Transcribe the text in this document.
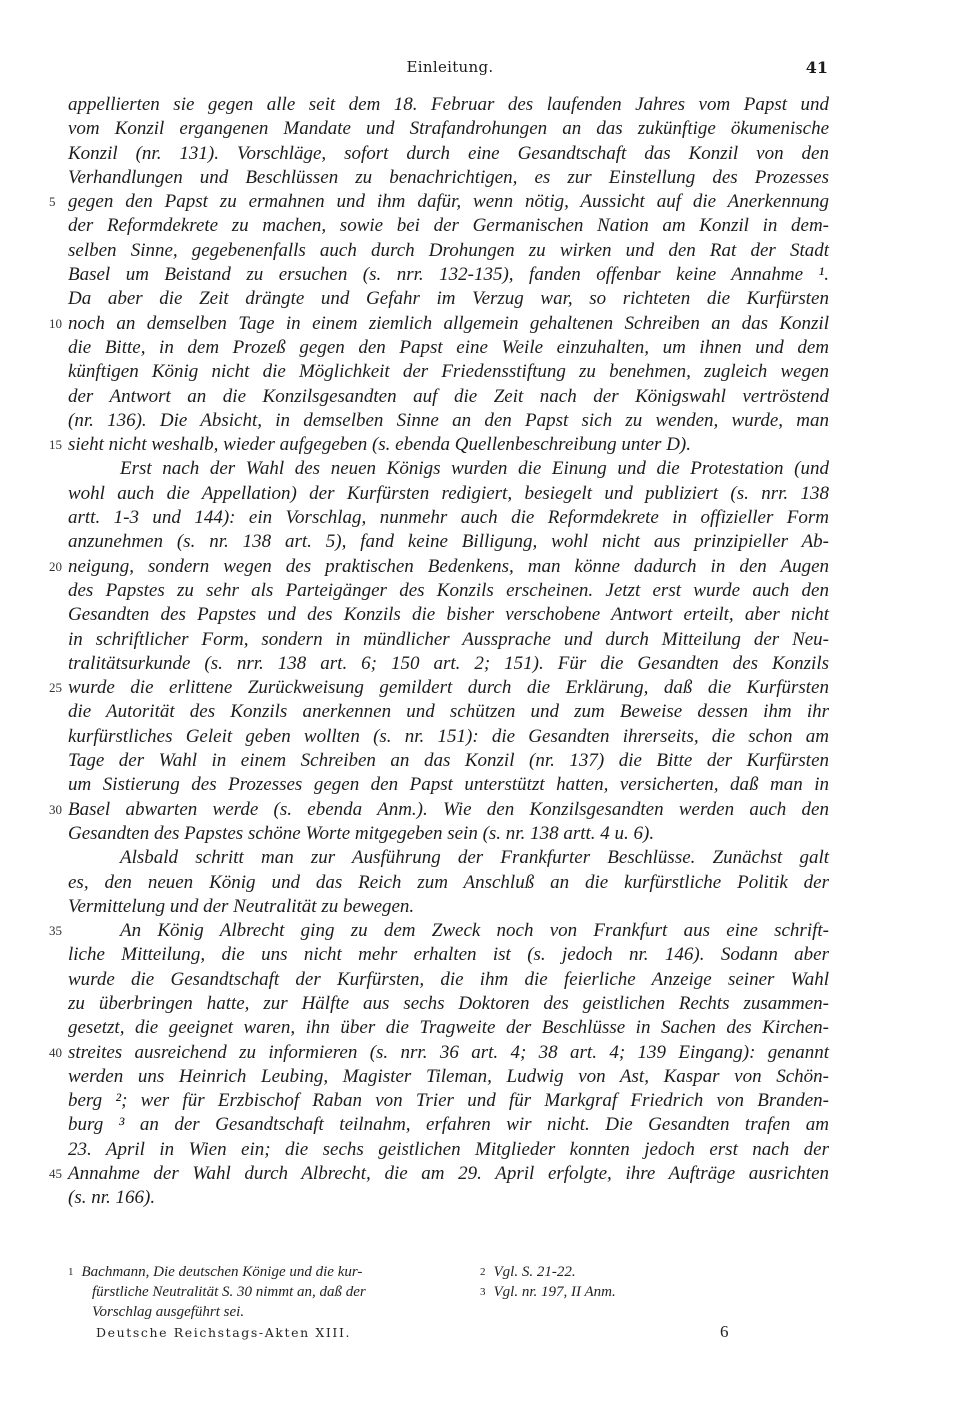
Einleitung.	41
appellierten sie gegen alle seit dem 18. Februar des laufenden Jahres vom Papst und
vom Konzil ergangenen Mandate und Strafandrohungen an das zukünftige ökumenische
Konzil (nr. 131). Vorschläge, sofort durch eine Gesandtschaft das Konzil von den
Verhandlungen und Beschlüssen zu benachrichtigen, es zur Einstellung des Prozesses
5 gegen den Papst zu ermahnen und ihm dafür, wenn nötig, Aussicht auf die Anerkennung
der Reformdekrete zu machen, sowie bei der Germanischen Nation am Konzil in dem-
selben Sinne, gegebenenfalls auch durch Drohungen zu wirken und den Rat der Stadt
Basel um Beistand zu ersuchen (s. nrr. 132-135), fanden offenbar keine Annahme ¹.
Da aber die Zeit drängte und Gefahr im Verzug war, so richteten die Kurfürsten
10 noch an demselben Tage in einem ziemlich allgemein gehaltenen Schreiben an das Konzil
die Bitte, in dem Prozeß gegen den Papst eine Weile einzuhalten, um ihnen und dem
künftigen König nicht die Möglichkeit der Friedensstiftung zu benehmen, zugleich wegen
der Antwort an die Konzilsgesandten auf die Zeit nach der Königswahl vertröstend
(nr. 136). Die Absicht, in demselben Sinne an den Papst sich zu wenden, wurde, man
15 sieht nicht weshalb, wieder aufgegeben (s. ebenda Quellenbeschreibung unter D).
Erst nach der Wahl des neuen Königs wurden die Einung und die Protestation (und
wohl auch die Appellation) der Kurfürsten redigiert, besiegelt und publiziert (s. nrr. 138
artt. 1-3 und 144): ein Vorschlag, nunmehr auch die Reformdekrete in offizieller Form
anzunehmen (s. nr. 138 art. 5), fand keine Billigung, wohl nicht aus prinzipieller Ab-
20 neigung, sondern wegen des praktischen Bedenkens, man könne dadurch in den Augen
des Papstes zu sehr als Parteigänger des Konzils erscheinen. Jetzt erst wurde auch den
Gesandten des Papstes und des Konzils die bisher verschobene Antwort erteilt, aber nicht
in schriftlicher Form, sondern in mündlicher Aussprache und durch Mitteilung der Neu-
tralitätsurkunde (s. nrr. 138 art. 6; 150 art. 2; 151). Für die Gesandten des Konzils
25 wurde die erlittene Zurückweisung gemildert durch die Erklärung, daß die Kurfürsten
die Autorität des Konzils anerkennen und schützen und zum Beweise dessen ihm ihr
kurfürstliches Geleit geben wollten (s. nr. 151): die Gesandten ihrerseits, die schon am
Tage der Wahl in einem Schreiben an das Konzil (nr. 137) die Bitte der Kurfürsten
um Sistierung des Prozesses gegen den Papst unterstützt hatten, versicherten, daß man in
30 Basel abwarten werde (s. ebenda Anm.). Wie den Konzilsgesandten werden auch den
Gesandten des Papstes schöne Worte mitgegeben sein (s. nr. 138 artt. 4 u. 6).
Alsbald schritt man zur Ausführung der Frankfurter Beschlüsse. Zunächst galt
es, den neuen König und das Reich zum Anschluß an die kurfürstliche Politik der
Vermittelung und der Neutralität zu bewegen.
35	An König Albrecht ging zu dem Zweck noch von Frankfurt aus eine schrift-
liche Mitteilung, die uns nicht mehr erhalten ist (s. jedoch nr. 146). Sodann aber
wurde die Gesandtschaft der Kurfürsten, die ihm die feierliche Anzeige seiner Wahl
zu überbringen hatte, zur Hälfte aus sechs Doktoren des geistlichen Rechts zusammen-
gesetzt, die geeignet waren, ihn über die Tragweite der Beschlüsse in Sachen des Kirchen-
40 streites ausreichend zu informieren (s. nrr. 36 art. 4; 38 art. 4; 139 Eingang): genannt
werden uns Heinrich Leubing, Magister Tileman, Ludwig von Ast, Kaspar von Schön-
berg ²; wer für Erzbischof Raban von Trier und für Markgraf Friedrich von Branden-
burg ³ an der Gesandtschaft teilnahm, erfahren wir nicht. Die Gesandten trafen am
23. April in Wien ein; die sechs geistlichen Mitglieder konnten jedoch erst nach der
45 Annahme der Wahl durch Albrecht, die am 29. April erfolgte, ihre Aufträge ausrichten
(s. nr. 166).
$^1$ Bachmann, Die deutschen Könige und die kur-
fürstliche Neutralität S. 30 nimmt an, daß der
Vorschlag ausgeführt sei.
$^2$ Vgl. S. 21-22.
$^3$ Vgl. nr. 197, II Anm.
Deutsche Reichstags-Akten XIII.	6
